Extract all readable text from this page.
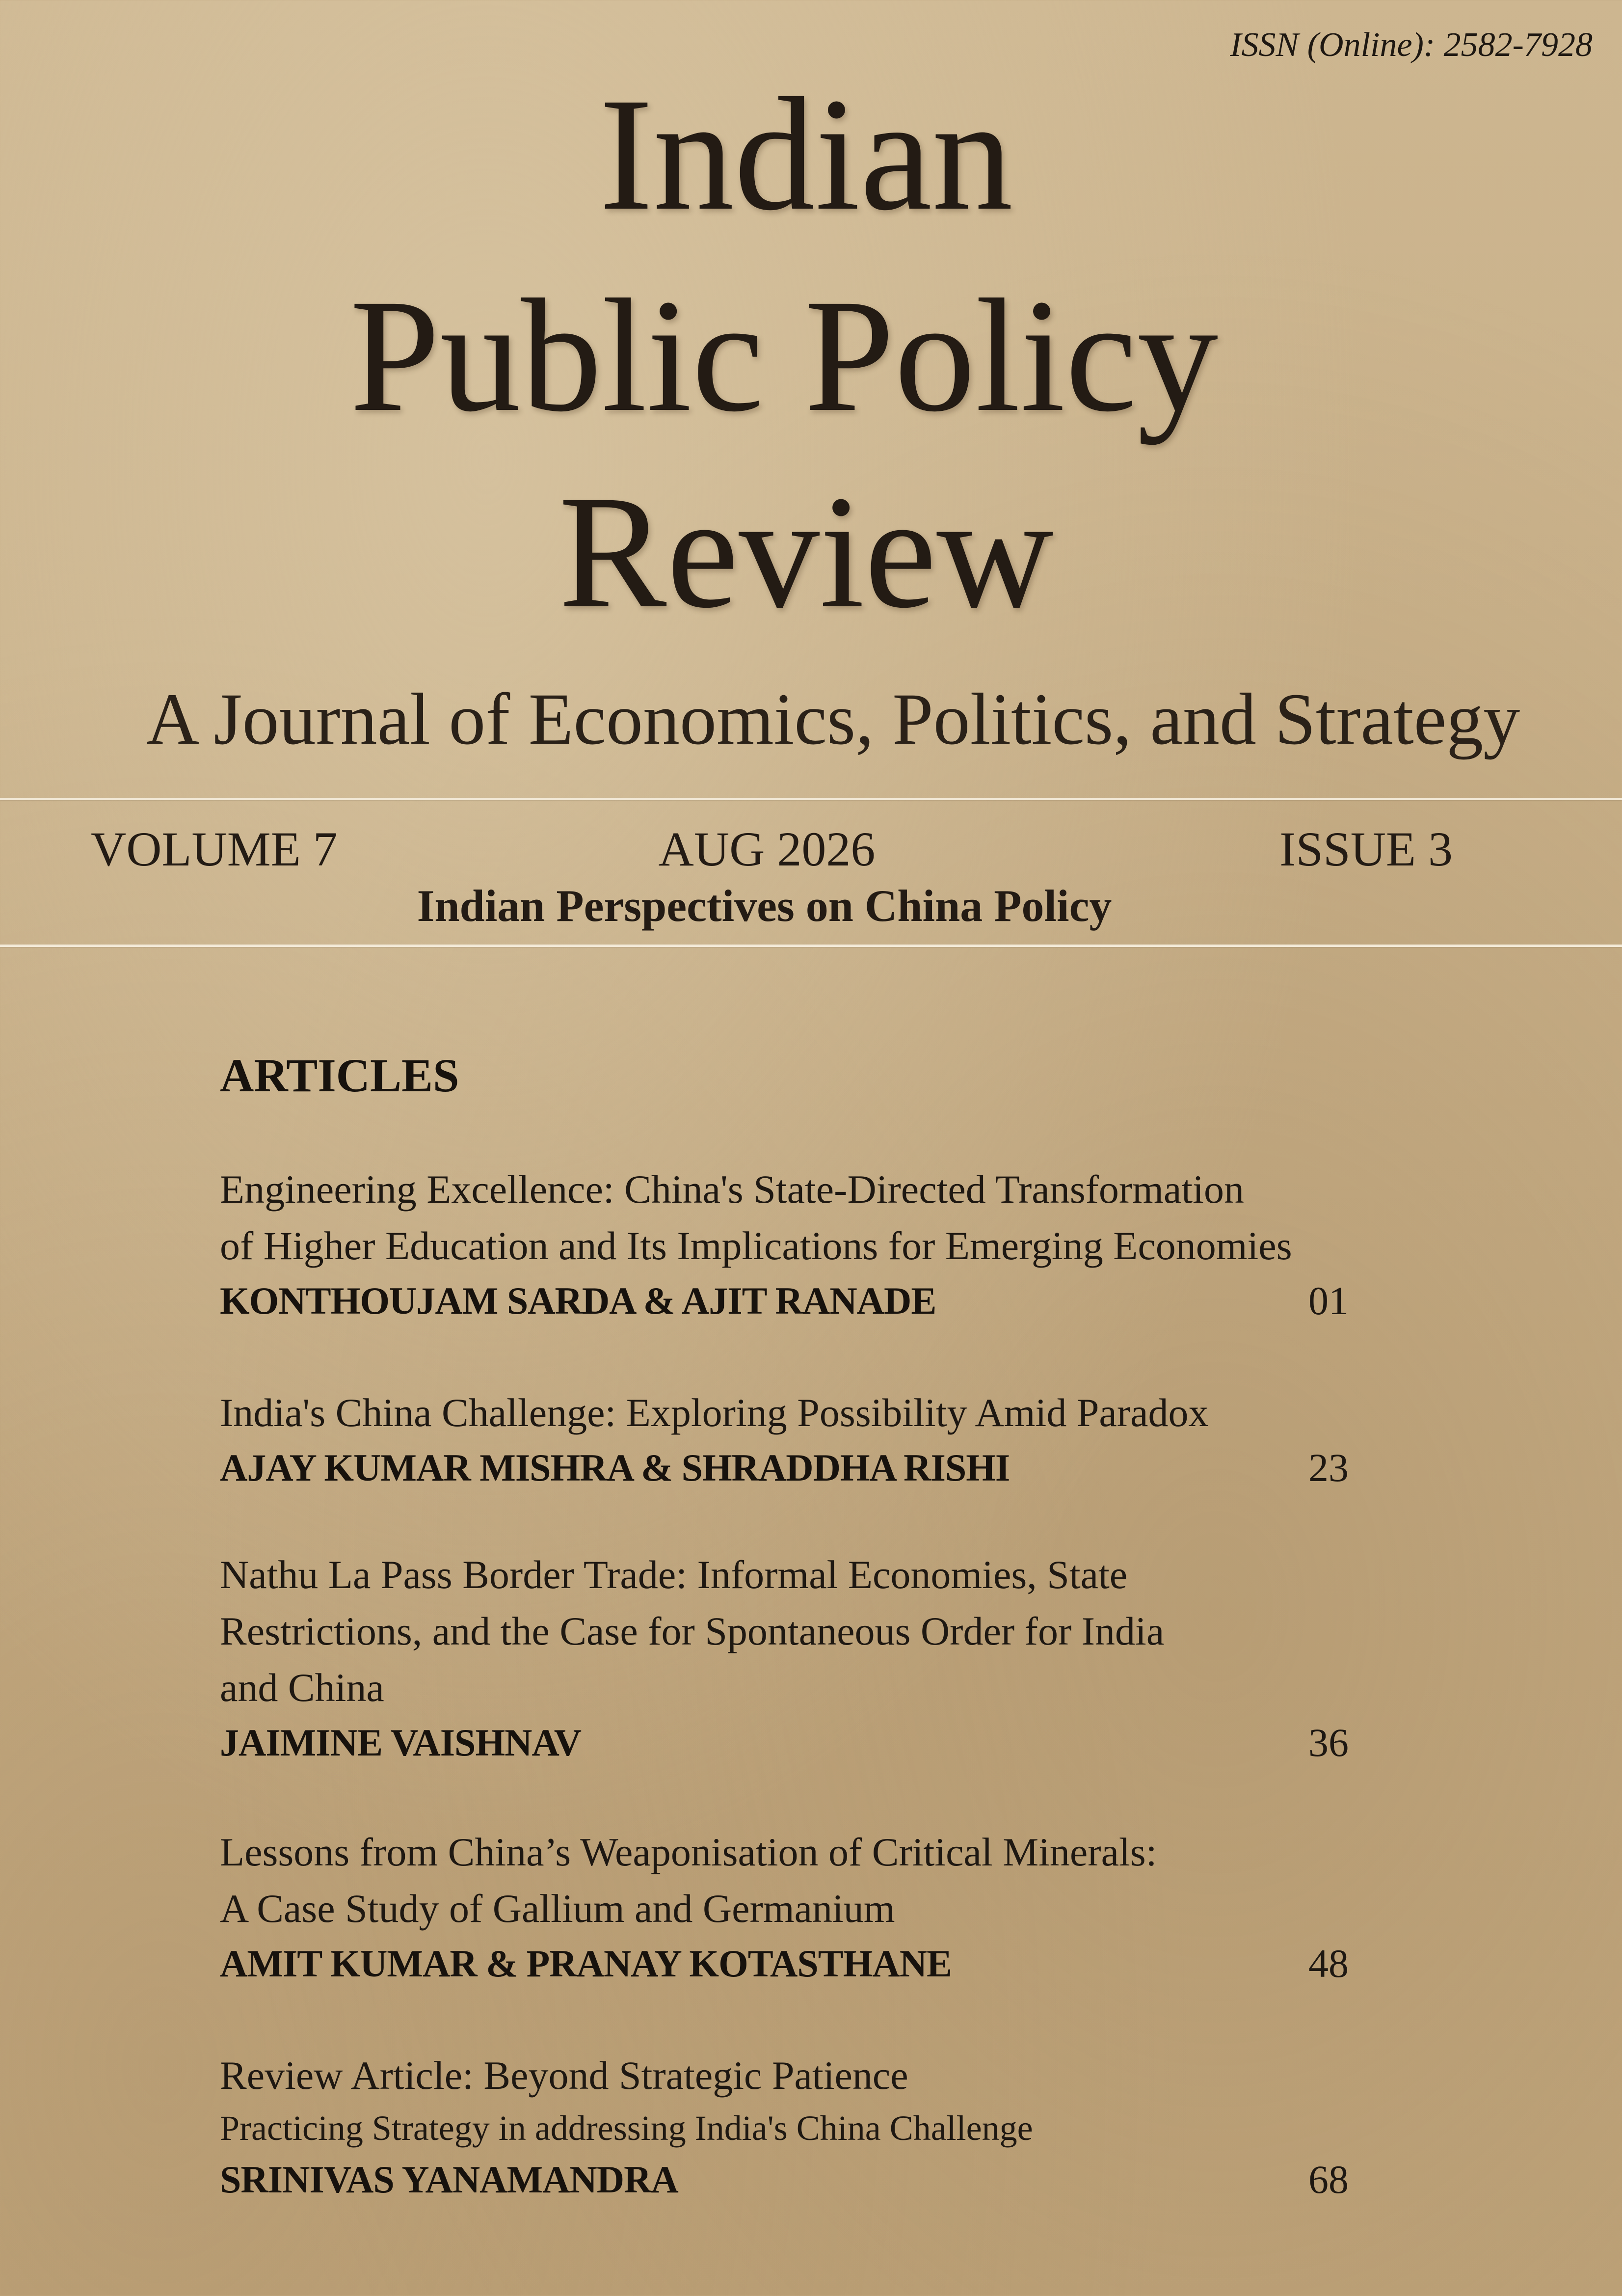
ISSN (Online): 2582-7928
Indian
Public Policy
Review
A Journal of Economics, Politics, and Strategy
VOLUME 7	AUG 2026	ISSUE 3
Indian Perspectives on China Policy
ARTICLES
Engineering Excellence: China's State-Directed Transformation
of Higher Education and Its Implications for Emerging Economies
KONTHOUJAM SARDA & AJIT RANADE	01
India's China Challenge: Exploring Possibility Amid Paradox
AJAY KUMAR MISHRA & SHRADDHA RISHI	23
Nathu La Pass Border Trade: Informal Economies, State
Restrictions, and the Case for Spontaneous Order for India
and China
JAIMINE VAISHNAV	36
Lessons from China’s Weaponisation of Critical Minerals:
A Case Study of Gallium and Germanium
AMIT KUMAR & PRANAY KOTASTHANE	48
Review Article: Beyond Strategic Patience
Practicing Strategy in addressing India's China Challenge
SRINIVAS YANAMANDRA	68
